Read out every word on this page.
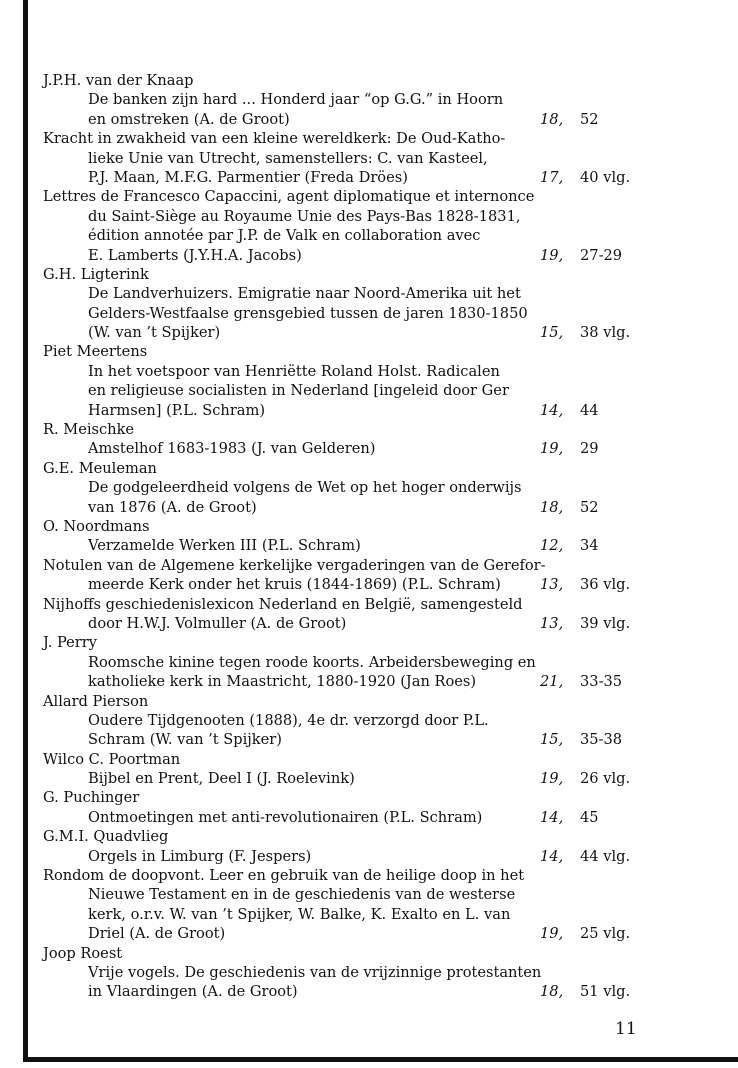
J.P.H. van der Knaap
De banken zijn hard ... Honderd jaar “op G.G.” in Hoorn
en omstreken (A. de Groot)	18, 52
Kracht in zwakheid van een kleine wereldkerk: De Oud-Katho-
lieke Unie van Utrecht, samenstellers: C. van Kasteel,
P.J. Maan, M.F.G. Parmentier (Freda Dröes)	17, 40 vlg.
Lettres de Francesco Capaccini, agent diplomatique et internonce
du Saint-Siège au Royaume Unie des Pays-Bas 1828-1831,
édition annotée par J.P. de Valk en collaboration avec
E. Lamberts (J.Y.H.A. Jacobs)	19, 27-29
G.H. Ligterink
De Landverhuizers. Emigratie naar Noord-Amerika uit het
Gelders-Westfaalse grensgebied tussen de jaren 1830-1850
(W. van ’t Spijker)	15, 38 vlg.
Piet Meertens
In het voetspoor van Henriëtte Roland Holst. Radicalen
en religieuse socialisten in Nederland [ingeleid door Ger
Harmsen] (P.L. Schram)	14, 44
R. Meischke
Amstelhof 1683-1983 (J. van Gelderen)	19, 29
G.E. Meuleman
De godgeleerdheid volgens de Wet op het hoger onderwijs
van 1876 (A. de Groot)	18, 52
O. Noordmans
Verzamelde Werken III (P.L. Schram)	12, 34
Notulen van de Algemene kerkelijke vergaderingen van de Gerefor-
meerde Kerk onder het kruis (1844-1869) (P.L. Schram)	13, 36 vlg.
Nijhoffs geschiedenislexicon Nederland en België, samengesteld
door H.W.J. Volmuller (A. de Groot)	13, 39 vlg.
J. Perry
Roomsche kinine tegen roode koorts. Arbeidersbeweging en
katholieke kerk in Maastricht, 1880-1920 (Jan Roes)	21, 33-35
Allard Pierson
Oudere Tijdgenooten (1888), 4e dr. verzorgd door P.L.
Schram (W. van ’t Spijker)	15, 35-38
Wilco C. Poortman
Bijbel en Prent, Deel I (J. Roelevink)	19, 26 vlg.
G. Puchinger
Ontmoetingen met anti-revolutionairen (P.L. Schram)	14, 45
G.M.I. Quadvlieg
Orgels in Limburg (F. Jespers)	14, 44 vlg.
Rondom de doopvont. Leer en gebruik van de heilige doop in het
Nieuwe Testament en in de geschiedenis van de westerse
kerk, o.r.v. W. van ’t Spijker, W. Balke, K. Exalto en L. van
Driel (A. de Groot)	19, 25 vlg.
Joop Roest
Vrije vogels. De geschiedenis van de vrijzinnige protestanten
in Vlaardingen (A. de Groot)	18, 51 vlg.
11
